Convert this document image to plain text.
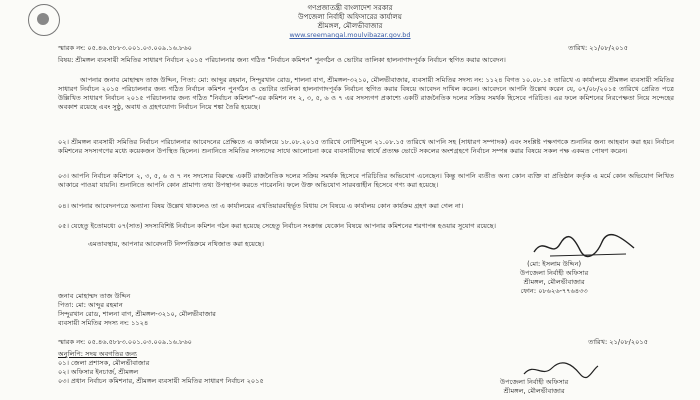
গণপ্রজাতন্ত্রী বাংলাদেশ সরকার
উপজেলা নির্বাহী অফিসারের কার্যালয়
শ্রীমঙ্গল, মৌলভীবাজার
www.sreemangal.moulvibazar.gov.bd
স্মারক নং: ০৫.৪৬.৫৮৮৩.০০১.০৩.০০৯.১৬.৮৬০	তারিখ: ২১/০৮/২০১৫
বিষয়: শ্রীমঙ্গল ব্যবসায়ী সমিতির সাধারণ নির্বাচন ২০১৫ পরিচালনার জন্য গঠিত "নির্বাচন কমিশন" পুনর্গঠন ও ভোটার তালিকা হালনাগাদপূর্বক নির্বাচন স্থগিত করার আবেদন।
আপনার জনাব মোহাম্মদ তাজ উদ্দিন, পিতা: মো: আব্দুর রহমান, সিন্দুরখান রোড, শালনা বাগ, শ্রীমঙ্গল-৩২১০, মৌলভীবাজার, ব্যবসায়ী সমিতির সদস্য নং: ১১২৪ বিগত ১০.০৮.১৫ তারিখে এ কার্যালয়ে শ্রীমঙ্গল ব্যবসায়ী সমিতির সাধারণ নির্বাচন ২০১৫ পরিচালনার জন্য গঠিত নির্বাচন কমিশন পুনর্গঠন ও ভোটার তালিকা হালনাগাদপূর্বক নির্বাচন স্থগিত করার বিষয়ে আবেদন দাখিল করেন। আবেদনে আপনি উল্লেখ করেন যে, ০৭/০৮/২০১৫ তারিখে প্রেরিত পত্রে উল্লিখিত সাধারণ নির্বাচন ২০১৫ পরিচালনার জন্য গঠিত "নির্বাচন কমিশন"-এর কমিশন নং ২, ৩, ৫, ৬ ও ৭ এর সদস্যগণ প্রকাশ্যে একটি রাজনৈতিক দলের সক্রিয় সমর্থক হিসেবে পরিচিত। এর ফলে কমিশনের নিরপেক্ষতা নিয়ে সন্দেহের অবকাশ রয়েছে এবং সুষ্ঠু, অবাধ ও গ্রহণযোগ্য নির্বাচন নিয়ে শঙ্কা তৈরি হয়েছে।
০২। শ্রীমঙ্গল ব্যবসায়ী সমিতির নির্বাচন পরিচালনার আবেদনের প্রেক্ষিতে এ কার্যালয়ে ১৮.০৮.২০১৫ তারিখে নোটিশমূলে ২১.০৮.১৫ তারিখে আপনি সহ (সাধারণ সম্পাদক) এবং সংশ্লিষ্ট পক্ষগণকে শুনানির জন্য আহবান করা হয়। নির্বাচন কমিশনের সদস্যগণের মধ্যে কয়েকজন উপস্থিত ছিলেন। শুনানিতে সমিতির সদস্যদের সাথে আলোচনা করে ব্যবসায়ীদের স্বার্থে প্রত্যক্ষ ভোটে সকলের অংশগ্রহণে নির্বাচন সম্পন্ন করার বিষয়ে সকল পক্ষ একমত পোষণ করেন।
০৩। আপনি নির্বাচন কমিশনে ২, ৩, ৫, ৬ ও ৭ নং সদস্যের বিরুদ্ধে একটি রাজনৈতিক দলের সক্রিয় সমর্থক হিসেবে পরিচিতির অভিযোগ এনেছেন। কিন্তু আপনি ব্যতীত অন্য কোন ব্যক্তি বা প্রতিষ্ঠান কর্তৃক এ মর্মে কোন অভিযোগ লিখিত আকারে পাওয়া যায়নি। শুনানিতে আপনি কোন প্রামাণ্য তথ্য উপস্থাপন করতে পারেননি। ফলে উক্ত অভিযোগ সারবত্তাহীন হিসেবে গণ্য করা হয়েছে।
০৪। আপনার আবেদনপত্রে অন্যান্য বিষয় উল্লেখ থাকলেও তা এ কার্যালয়ের এখতিয়ারবহির্ভূত বিধায় সে বিষয়ে এ কার্যালয় কোন কার্যক্রম গ্রহণ করা গেল না।
০৫। যেহেতু ইতোমধ্যে ০৭(সাত) সদস্যবিশিষ্ট নির্বাচন কমিশন গঠন করা হয়েছে সেহেতু নির্বাচন সংক্রান্ত যেকোন বিষয়ে আপনার কমিশনের শরণাপন্ন হওয়ার সুযোগ রয়েছে।
এমতাবস্থায়, আপনার আবেদনটি নিষ্পত্তিক্রমে নথিজাত করা হয়েছে।
(মো: ইসলাম উদ্দিন)
উপজেলা নির্বাহী অফিসার
শ্রীমঙ্গল, মৌলভীবাজার
ফোন: ০৮৬২৬-৭৭৬৪৩৩
জনাব মোহাম্মদ তাজ উদ্দিন
পিতা: মো: আব্দুর রহমান
সিন্দুরখান রোড, শালনা বাগ, শ্রীমঙ্গল-৩২১০, মৌলভীবাজার
ব্যবসায়ী সমিতির সদস্য নং: ১১২৪
স্মারক নং: ০৫.৪৬.৫৮৮৩.০০১.০৩.০০৯.১৬.৮৬০	তারিখ: ২১/০৮/২০১৫
অনুলিপি: সদয় অবগতির জন্য
০১। জেলা প্রশাসক, মৌলভীবাজার
০২। অফিসার ইনচার্জ, শ্রীমঙ্গল
০৩। প্রধান নির্বাচন কমিশনার, শ্রীমঙ্গল ব্যবসায়ী সমিতির সাধারণ নির্বাচন ২০১৫	উপজেলা নির্বাহী অফিসার
শ্রীমঙ্গল, মৌলভীবাজার
